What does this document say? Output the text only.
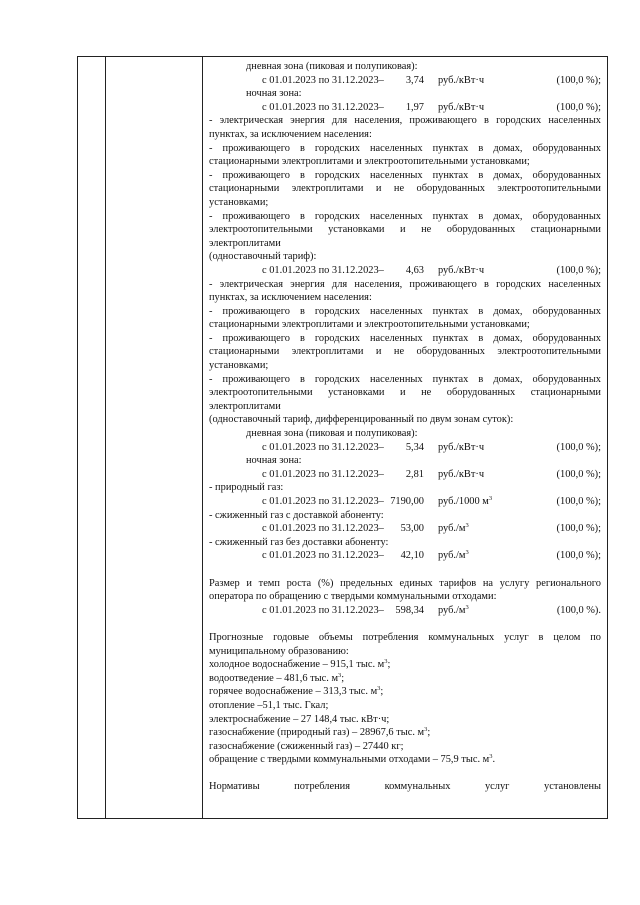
дневная зона (пиковая и полупиковая):
с 01.01.2023 по 31.12.2023–	3,74	руб./кВт·ч	(100,0 %);
ночная зона:
с 01.01.2023 по 31.12.2023–	1,97	руб./кВт·ч	(100,0 %);
- электрическая энергия для населения, проживающего в городских населенных пунктах, за исключением населения:
- проживающего в городских населенных пунктах в домах, оборудованных стационарными электроплитами и электроотопительными установками;
- проживающего в городских населенных пунктах в домах, оборудованных стационарными электроплитами и не оборудованных электроотопительными установками;
- проживающего в городских населенных пунктах в домах, оборудованных электроотопительными установками и не оборудованных стационарными электроплитами
(одноставочный тариф):
с 01.01.2023 по 31.12.2023–	4,63	руб./кВт·ч	(100,0 %);
- электрическая энергия для населения, проживающего в городских населенных пунктах, за исключением населения:
- проживающего в городских населенных пунктах в домах, оборудованных стационарными электроплитами и электроотопительными установками;
- проживающего в городских населенных пунктах в домах, оборудованных стационарными электроплитами и не оборудованных электроотопительными установками;
- проживающего в городских населенных пунктах в домах, оборудованных электроотопительными установками и не оборудованных стационарными электроплитами
(одноставочный тариф, дифференцированный по двум зонам суток):
дневная зона (пиковая и полупиковая):
с 01.01.2023 по 31.12.2023–	5,34	руб./кВт·ч	(100,0 %);
ночная зона:
с 01.01.2023 по 31.12.2023–	2,81	руб./кВт·ч	(100,0 %);
- природный газ:
с 01.01.2023 по 31.12.2023– 7190,00	руб./1000 $м^3$	(100,0 %);
- сжиженный газ с доставкой абоненту:
с 01.01.2023 по 31.12.2023–	53,00	$руб./м^3$	(100,0 %);
- сжиженный газ без доставки абоненту:
с 01.01.2023 по 31.12.2023–	42,10	$руб./м^3$	(100,0 %);
Размер и темп роста (%) предельных единых тарифов на услугу регионального оператора по обращению с твердыми коммунальными отходами:
с 01.01.2023 по 31.12.2023–	598,34	$руб./м^3$	(100,0 %).
Прогнозные годовые объемы потребления коммунальных услуг в целом по муниципальному образованию:
холодное водоснабжение – 915,1 тыс. $м^3$;
водоотведение – 481,6 тыс. $м^3$;
горячее водоснабжение – 313,3 тыс. $м^3$;
отопление –51,1 тыс. Гкал;
электроснабжение – 27 148,4 тыс. кВт·ч;
газоснабжение (природный газ) – 28967,6 тыс. $м^3$;
газоснабжение (сжиженный газ) – 27440 кг;
обращение с твердыми коммунальными отходами – 75,9 тыс. $м^3$.
Нормативы потребления коммунальных услуг установлены
